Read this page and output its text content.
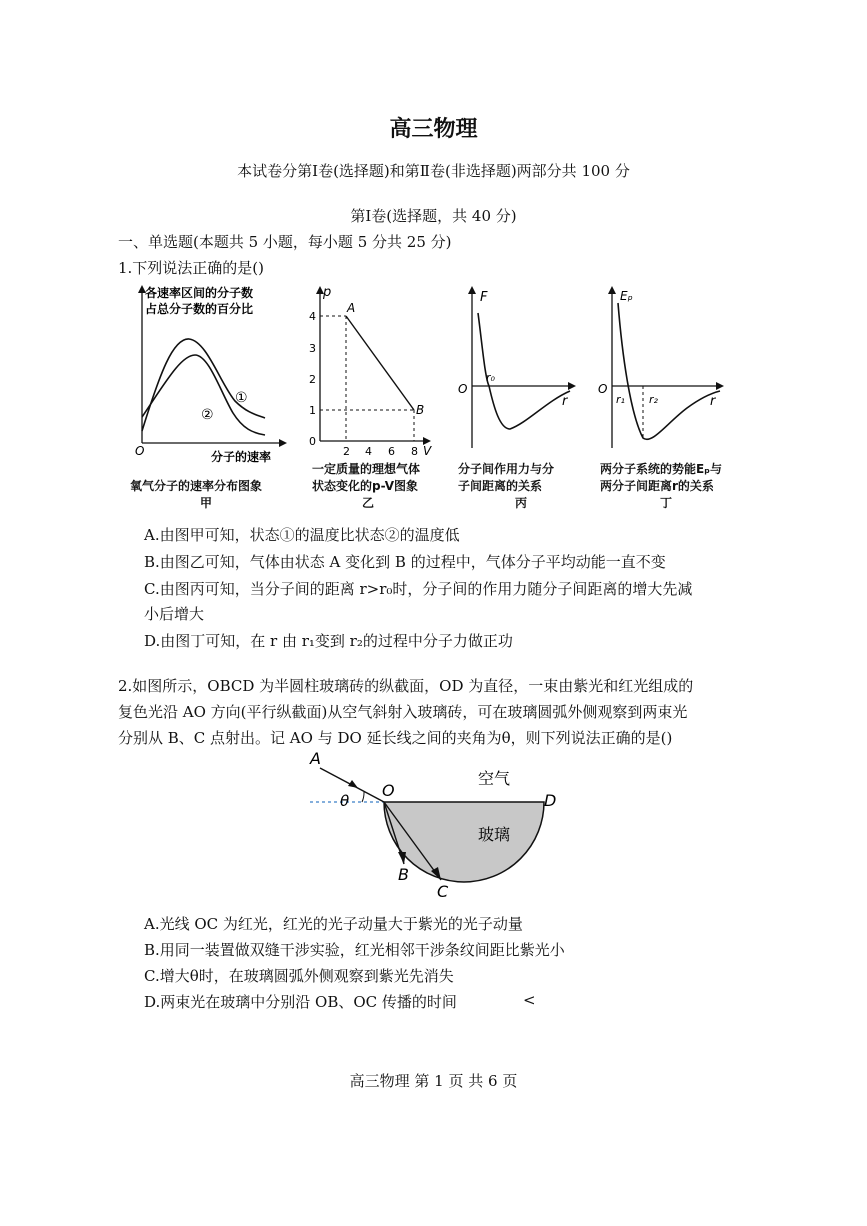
高三物理
本试卷分第Ⅰ卷(选择题)和第Ⅱ卷(非选择题)两部分共 100 分
第Ⅰ卷(选择题，共 40 分)
一、单选题(本题共 5 小题，每小题 5 分共 25 分)
1.下列说法正确的是()
各速率区间的分子数
占总分子数的百分比
①
②
O	分子的速率
氧气分子的速率分布图象
甲
p
A
B
4
3
2
1
0
2 4 6 8 V
一定质量的理想气体
状态变化的p-V图象
乙
F
O
r₀
r
分子间作用力与分
子间距离的关系
丙
Eₚ
O
r₁ r₂	r
两分子系统的势能Eₚ与
两分子间距离r的关系
丁
A.由图甲可知，状态①的温度比状态②的温度低
B.由图乙可知，气体由状态 A 变化到 B 的过程中，气体分子平均动能一直不变
C.由图丙可知，当分子间的距离 r>r₀时，分子间的作用力随分子间距离的增大先减
小后增大
D.由图丁可知，在 r 由 r₁变到 r₂的过程中分子力做正功
2.如图所示，OBCD 为半圆柱玻璃砖的纵截面，OD 为直径，一束由紫光和红光组成的
复色光沿 AO 方向(平行纵截面)从空气斜射入玻璃砖，可在玻璃圆弧外侧观察到两束光
分别从 B、C 点射出。记 AO 与 DO 延长线之间的夹角为θ，则下列说法正确的是()
A
θ
O
空气
D
玻璃
B
C
A.光线 OC 为红光，红光的光子动量大于紫光的光子动量
B.用同一装置做双缝干涉实验，红光相邻干涉条纹间距比紫光小
C.增大θ时，在玻璃圆弧外侧观察到紫光先消失
D.两束光在玻璃中分别沿 OB、OC 传播的时间	<
高三物理 第 1 页 共 6 页
